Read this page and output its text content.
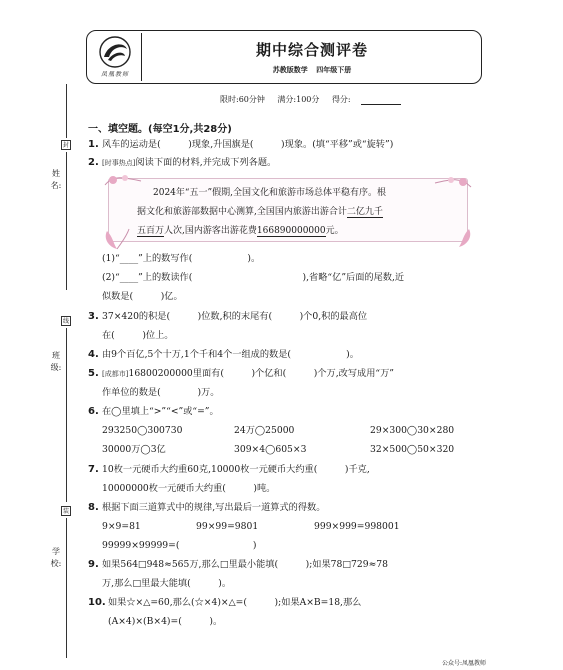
凤凰教师
期中综合测评卷
苏教版数学 四年级下册
限时:60分钟 满分:100分 得分:
封
线
装
姓名:
班级:
学校:
一、填空题。(每空1分,共28分)
1. 风车的运动是(　　　)现象,升国旗是(　　　)现象。(填“平移”或“旋转”)
2. [时事热点]阅读下面的材料,并完成下列各题。
2024年“五一”假期,全国文化和旅游市场总体平稳有序。根
据文化和旅游部数据中心测算,全国国内旅游出游合计二亿九千
五百万人次,国内游客出游花费166890000000元。
(1)“____”上的数写作(　　　　　　)。
(2)“____”上的数读作(　　　　　　　　　　　　),省略“亿”后面的尾数,近
似数是(　　　)亿。
3. 37×420的积是(　　　)位数,积的末尾有(　　　)个0,积的最高位
在(　　　)位上。
4. 由9个百亿,5个十万,1个千和4个一组成的数是(　　　　　　)。
5. [成都市]16800200000里面有(　　　)个亿和(　　　)个万,改写成用“万”
作单位的数是(　　　　)万。
6. 在◯里填上“>”“<”或“=”。
293250◯300730	24万◯25000	29×300◯30×280
30000万◯3亿	309×4◯605×3	32×500◯50×320
7. 10枚一元硬币大约重60克,10000枚一元硬币大约重(　　　)千克,
10000000枚一元硬币大约重(　　　)吨。
8. 根据下面三道算式中的规律,写出最后一道算式的得数。
9×9=81	99×99=9801	999×999=998001
99999×99999=(　　　　　　　　)
9. 如果564□948≈565万,那么□里最小能填(　　　);如果78□729≈78
万,那么□里最大能填(　　　)。
10. 如果☆×△=60,那么(☆×4)×△=(　　　);如果A×B=18,那么
(A×4)×(B×4)=(　　　)。
公众号:凤凰教师
